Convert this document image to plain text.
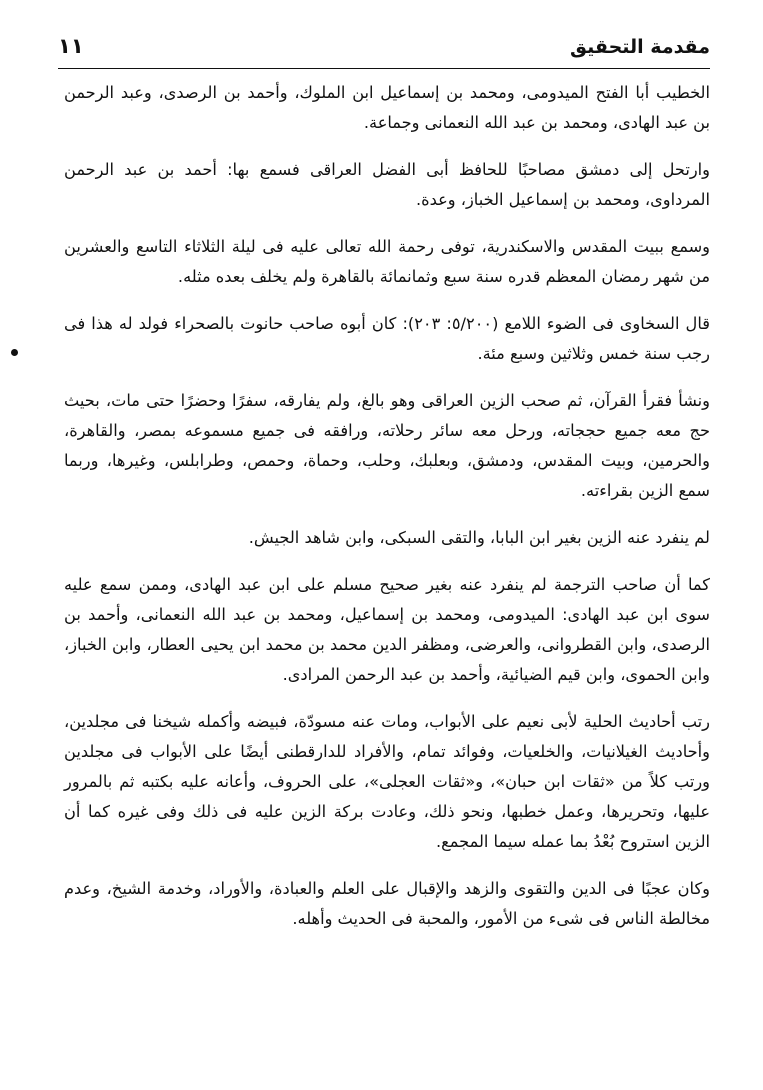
مقدمة التحقيق
١١

الخطيب أبا الفتح الميدومى، ومحمد بن إسماعيل ابن الملوك، وأحمد بن الرصدى، وعبد الرحمن بن عبد الهادى، ومحمد بن عبد الله النعمانى وجماعة.

وارتحل إلى دمشق مصاحبًا للحافظ أبى الفضل العراقى فسمع بها: أحمد بن عبد الرحمن المرداوى، ومحمد بن إسماعيل الخباز، وعدة.

وسمع ببيت المقدس والاسكندرية، توفى رحمة الله تعالى عليه فى ليلة الثلاثاء التاسع والعشرين من شهر رمضان المعظم قدره سنة سبع وثمانمائة بالقاهرة ولم يخلف بعده مثله.

قال السخاوى فى الضوء اللامع (٥/٢٠٠: ٢٠٣): كان أبوه صاحب حانوت بالصحراء فولد له هذا فى رجب سنة خمس وثلاثين وسبع مئة.

ونشأ فقرأ القرآن، ثم صحب الزين العراقى وهو بالغ، ولم يفارقه، سفرًا وحضرًا حتى مات، بحيث حج معه جميع حججاته، ورحل معه سائر رحلاته، ورافقه فى جميع مسموعه بمصر، والقاهرة، والحرمين، وبيت المقدس، ودمشق، وبعلبك، وحلب، وحماة، وحمص، وطرابلس، وغيرها، وربما سمع الزين بقراءته.

لم ينفرد عنه الزين بغير ابن البابا، والتقى السبكى، وابن شاهد الجيش.

كما أن صاحب الترجمة لم ينفرد عنه بغير صحيح مسلم على ابن عبد الهادى، وممن سمع عليه سوى ابن عبد الهادى: الميدومى، ومحمد بن إسماعيل، ومحمد بن عبد الله النعمانى، وأحمد بن الرصدى، وابن القطروانى، والعرضى، ومظفر الدين محمد بن محمد ابن يحيى العطار، وابن الخباز، وابن الحموى، وابن قيم الضيائية، وأحمد بن عبد الرحمن المرادى.

رتب أحاديث الحلية لأبى نعيم على الأبواب، ومات عنه مسودّة، فبيضه وأكمله شيخنا فى مجلدين، وأحاديث الغيلانيات، والخلعيات، وفوائد تمام، والأفراد للدارقطنى أيضًا على الأبواب فى مجلدين ورتب كلاً من «ثقات ابن حبان»، و«ثقات العجلى»، على الحروف، وأعانه عليه بكتبه ثم بالمرور عليها، وتحريرها، وعمل خطبها، ونحو ذلك، وعادت بركة الزين عليه فى ذلك وفى غيره كما أن الزين استروح بُعْدُ بما عمله سيما المجمع.

وكان عجبًا فى الدين والتقوى والزهد والإقبال على العلم والعبادة، والأوراد، وخدمة الشيخ، وعدم مخالطة الناس فى شىء من الأمور، والمحبة فى الحديث وأهله.
